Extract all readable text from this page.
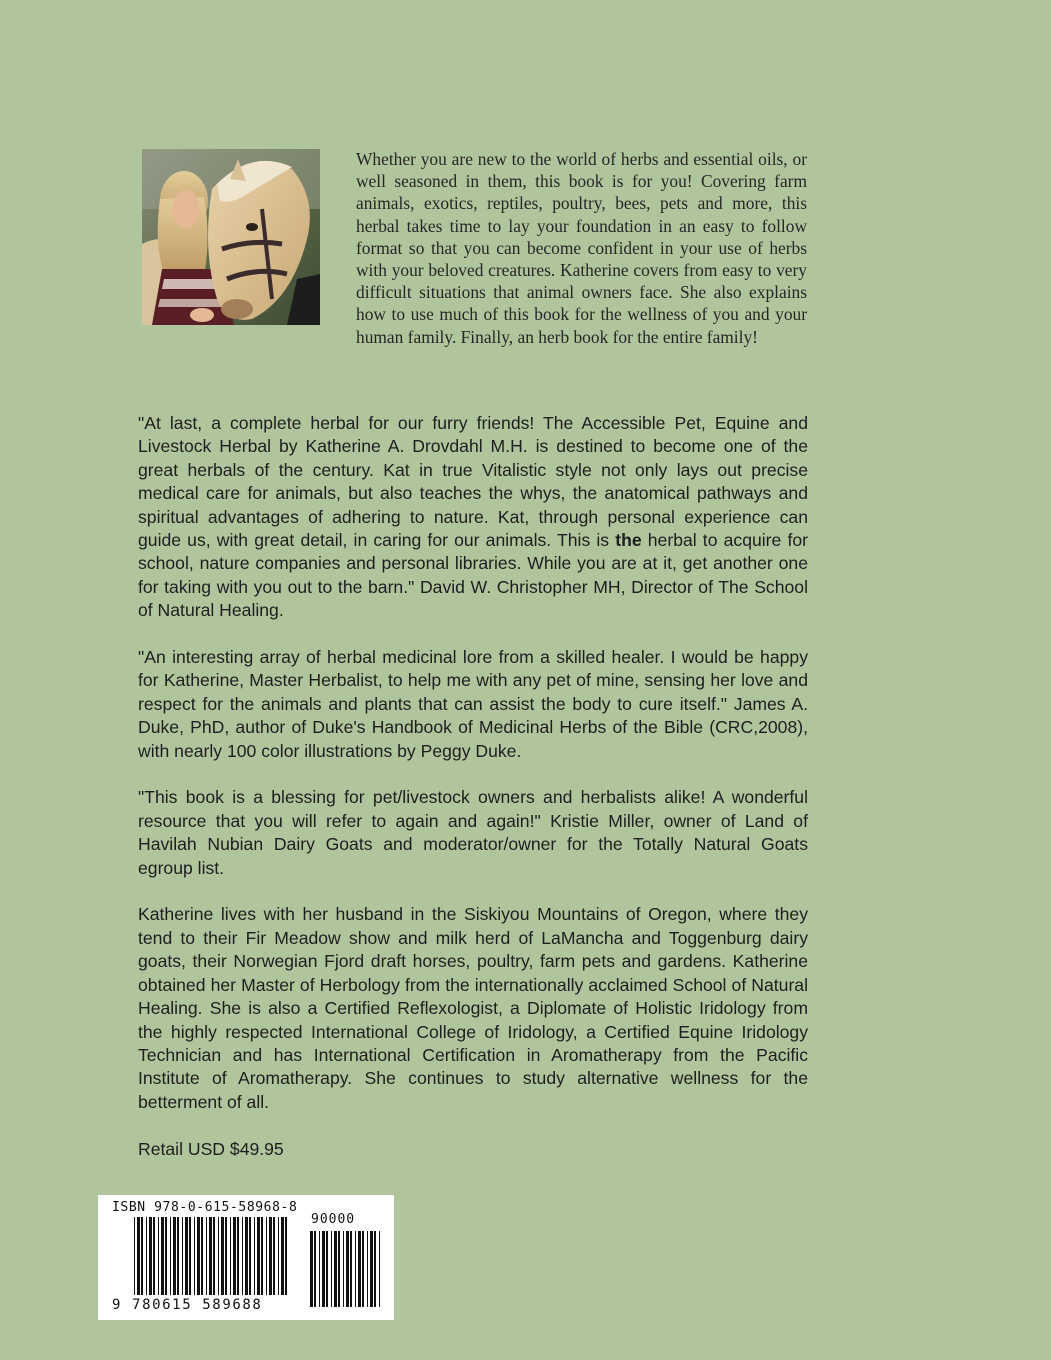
Whether you are new to the world of herbs and essential oils, or well seasoned in them, this book is for you! Covering farm animals, exotics, reptiles, poultry, bees, pets and more, this herbal takes time to lay your foundation in an easy to follow format so that you can become confident in your use of herbs with your beloved creatures. Katherine covers from easy to very difficult situations that animal owners face. She also explains how to use much of this book for the wellness of you and your human family. Finally, an herb book for the entire family!

"At last, a complete herbal for our furry friends! The Accessible Pet, Equine and Livestock Herbal by Katherine A. Drovdahl M.H. is destined to become one of the great herbals of the century. Kat in true Vitalistic style not only lays out precise medical care for animals, but also teaches the whys, the anatomical pathways and spiritual advantages of adhering to nature. Kat, through personal experience can guide us, with great detail, in caring for our animals. This is the herbal to acquire for school, nature companies and personal libraries. While you are at it, get another one for taking with you out to the barn." David W. Christopher MH, Director of The School of Natural Healing.

"An interesting array of herbal medicinal lore from a skilled healer. I would be happy for Katherine, Master Herbalist, to help me with any pet of mine, sensing her love and respect for the animals and plants that can assist the body to cure itself." James A. Duke, PhD, author of Duke's Handbook of Medicinal Herbs of the Bible (CRC,2008), with nearly 100 color illustrations by Peggy Duke.

"This book is a blessing for pet/livestock owners and herbalists alike! A wonderful resource that you will refer to again and again!" Kristie Miller, owner of Land of Havilah Nubian Dairy Goats and moderator/owner for the Totally Natural Goats egroup list.

Katherine lives with her husband in the Siskiyou Mountains of Oregon, where they tend to their Fir Meadow show and milk herd of LaMancha and Toggenburg dairy goats, their Norwegian Fjord draft horses, poultry, farm pets and gardens. Katherine obtained her Master of Herbology from the internationally acclaimed School of Natural Healing. She is also a Certified Reflexologist, a Diplomate of Holistic Iridology from the highly respected International College of Iridology, a Certified Equine Iridology Technician and has International Certification in Aromatherapy from the Pacific Institute of Aromatherapy. She continues to study alternative wellness for the betterment of all.

Retail USD $49.95

ISBN 978-0-615-58968-8
90000
9 780615 589688
